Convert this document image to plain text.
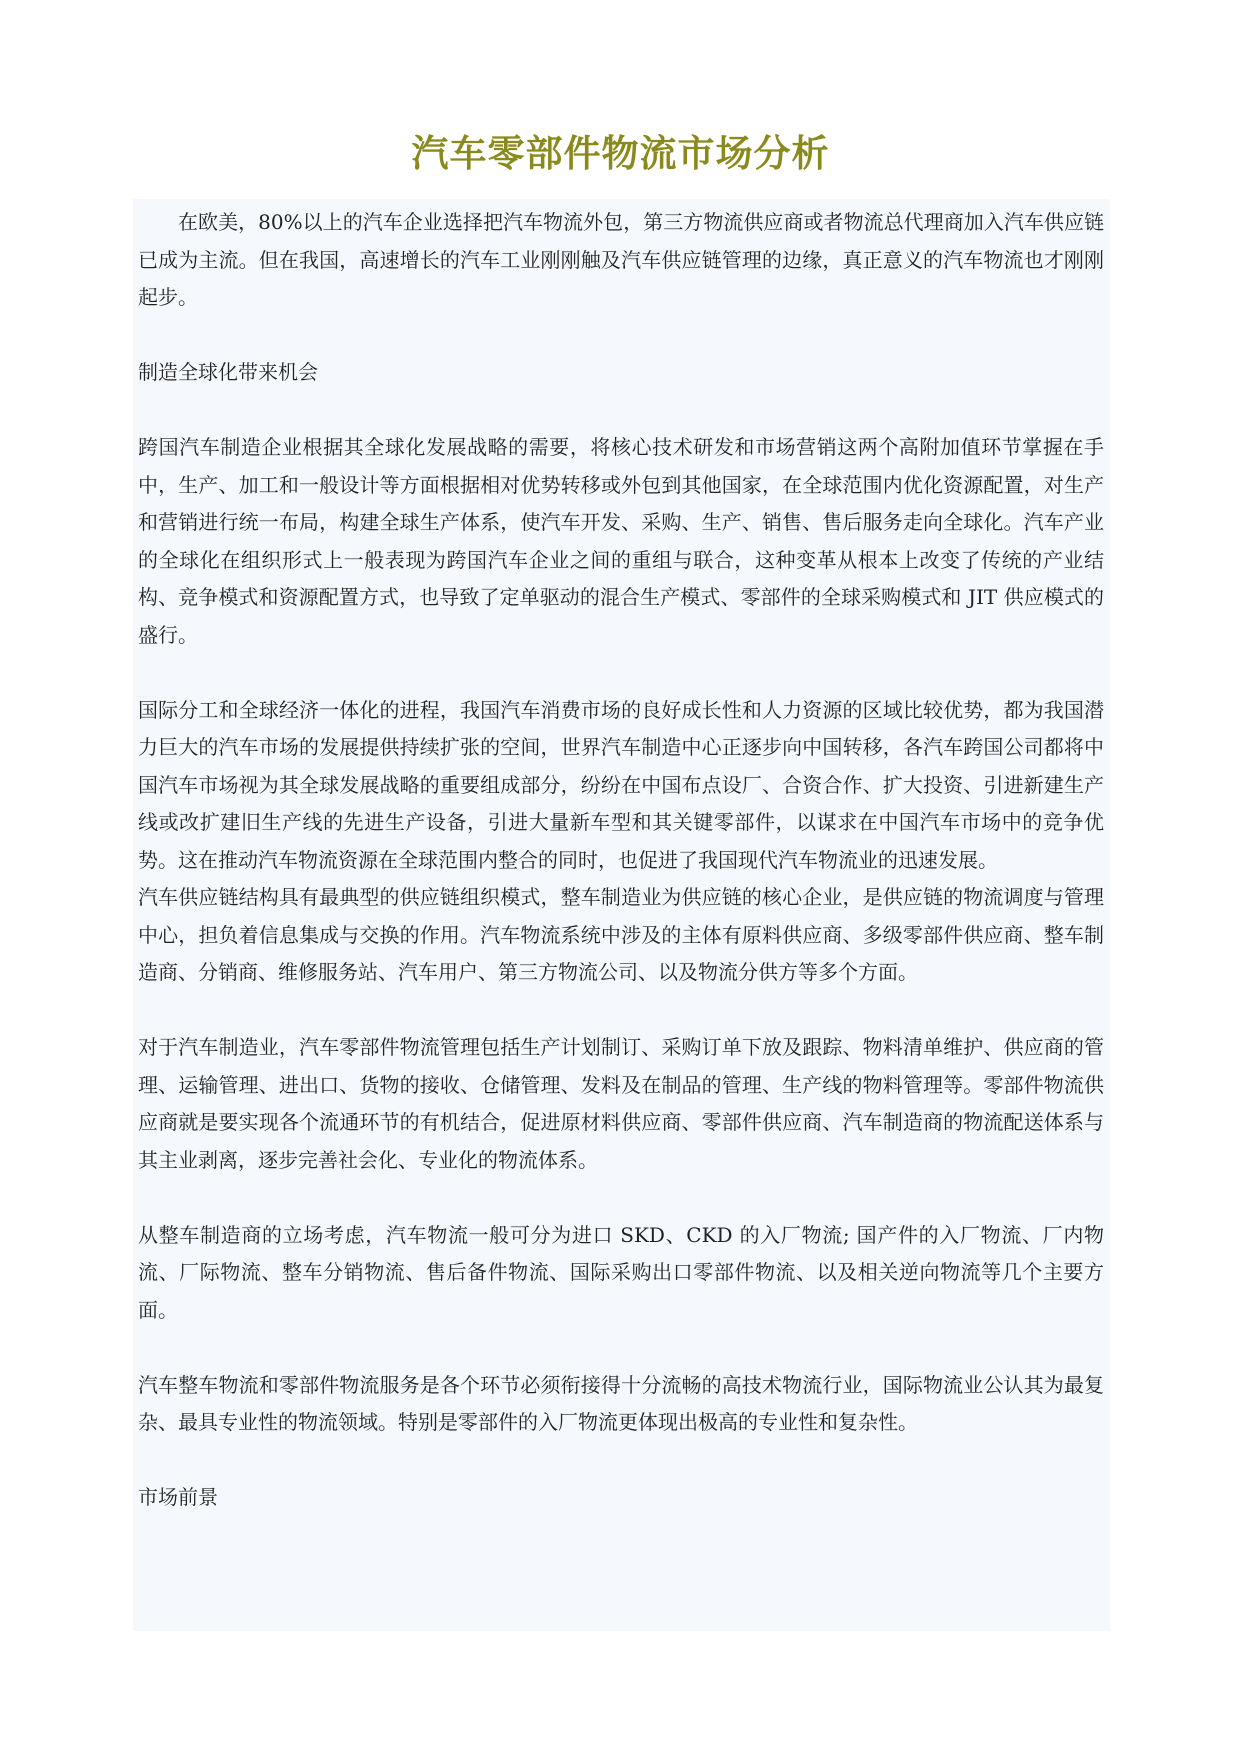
汽车零部件物流市场分析

在欧美，80%以上的汽车企业选择把汽车物流外包，第三方物流供应商或者物流总代理商加入汽车供应链已成为主流。但在我国，高速增长的汽车工业刚刚触及汽车供应链管理的边缘，真正意义的汽车物流也才刚刚起步。

制造全球化带来机会

跨国汽车制造企业根据其全球化发展战略的需要，将核心技术研发和市场营销这两个高附加值环节掌握在手中，生产、加工和一般设计等方面根据相对优势转移或外包到其他国家，在全球范围内优化资源配置，对生产和营销进行统一布局，构建全球生产体系，使汽车开发、采购、生产、销售、售后服务走向全球化。汽车产业的全球化在组织形式上一般表现为跨国汽车企业之间的重组与联合，这种变革从根本上改变了传统的产业结构、竞争模式和资源配置方式，也导致了定单驱动的混合生产模式、零部件的全球采购模式和 JIT 供应模式的盛行。

国际分工和全球经济一体化的进程，我国汽车消费市场的良好成长性和人力资源的区域比较优势，都为我国潜力巨大的汽车市场的发展提供持续扩张的空间，世界汽车制造中心正逐步向中国转移，各汽车跨国公司都将中国汽车市场视为其全球发展战略的重要组成部分，纷纷在中国布点设厂、合资合作、扩大投资、引进新建生产线或改扩建旧生产线的先进生产设备，引进大量新车型和其关键零部件，以谋求在中国汽车市场中的竞争优势。这在推动汽车物流资源在全球范围内整合的同时，也促进了我国现代汽车物流业的迅速发展。

汽车供应链结构具有最典型的供应链组织模式，整车制造业为供应链的核心企业，是供应链的物流调度与管理中心，担负着信息集成与交换的作用。汽车物流系统中涉及的主体有原料供应商、多级零部件供应商、整车制造商、分销商、维修服务站、汽车用户、第三方物流公司、以及物流分供方等多个方面。

对于汽车制造业，汽车零部件物流管理包括生产计划制订、采购订单下放及跟踪、物料清单维护、供应商的管理、运输管理、进出口、货物的接收、仓储管理、发料及在制品的管理、生产线的物料管理等。零部件物流供应商就是要实现各个流通环节的有机结合，促进原材料供应商、零部件供应商、汽车制造商的物流配送体系与其主业剥离，逐步完善社会化、专业化的物流体系。

从整车制造商的立场考虑，汽车物流一般可分为进口 SKD、CKD 的入厂物流; 国产件的入厂物流、厂内物流、厂际物流、整车分销物流、售后备件物流、国际采购出口零部件物流、以及相关逆向物流等几个主要方面。

汽车整车物流和零部件物流服务是各个环节必须衔接得十分流畅的高技术物流行业，国际物流业公认其为最复杂、最具专业性的物流领域。特别是零部件的入厂物流更体现出极高的专业性和复杂性。

市场前景
